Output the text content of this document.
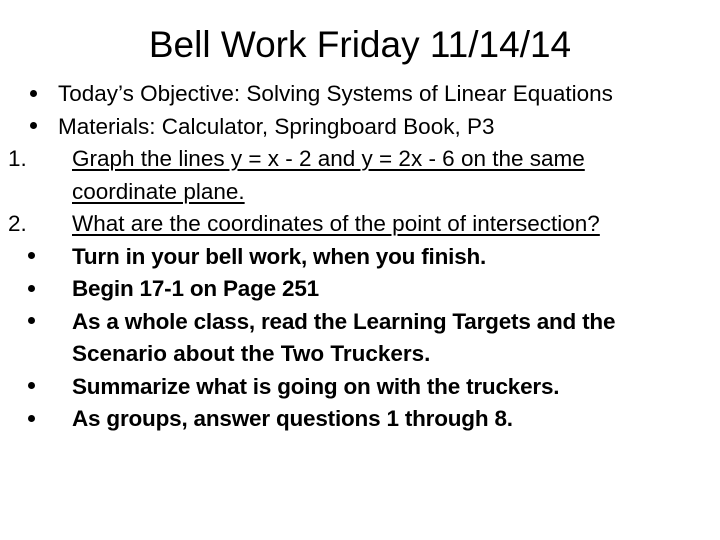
Bell Work Friday 11/14/14
Today’s Objective: Solving Systems of Linear Equations
Materials: Calculator, Springboard Book, P3
1.	Graph the lines y = x - 2 and y = 2x - 6 on the same
coordinate plane.
2.	What are the coordinates of the point of intersection?
Turn in your bell work, when you finish.
Begin 17-1 on Page 251
As a whole class, read the Learning Targets and the
Scenario about the Two Truckers.
Summarize what is going on with the truckers.
As groups, answer questions 1 through 8.
